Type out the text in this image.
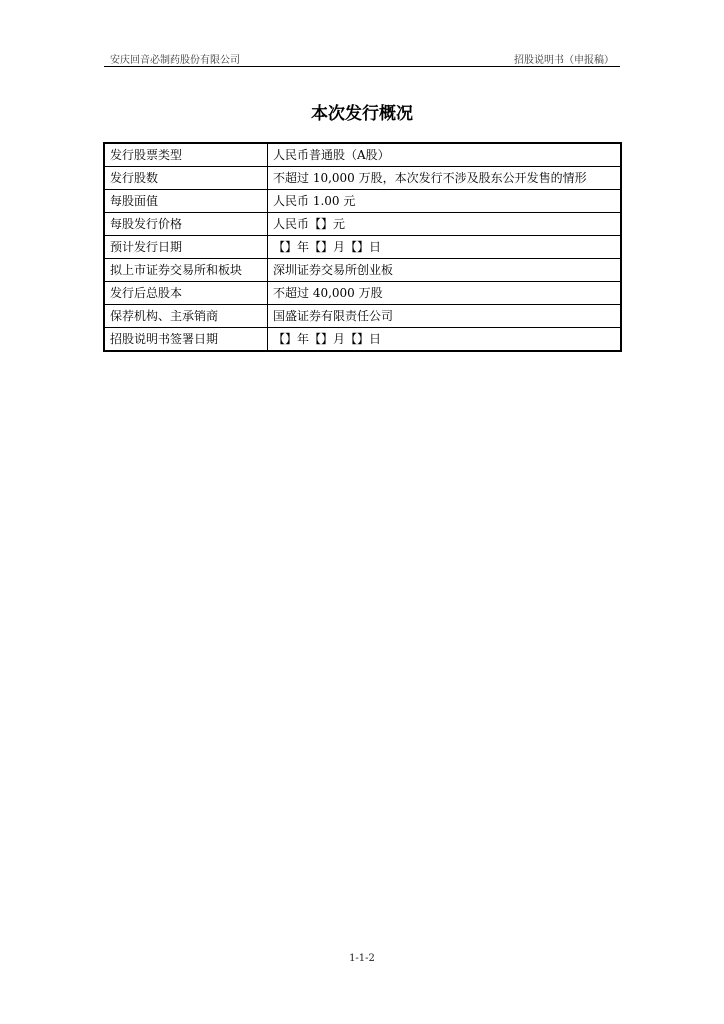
安庆回音必制药股份有限公司	招股说明书（申报稿）
本次发行概况
发行股票类型	人民币普通股（A股）
发行股数	不超过 10,000 万股，本次发行不涉及股东公开发售的情形
每股面值	人民币 1.00 元
每股发行价格	人民币【】元
预计发行日期	【】年【】月【】日
拟上市证券交易所和板块	深圳证券交易所创业板
发行后总股本	不超过 40,000 万股
保荐机构、主承销商	国盛证券有限责任公司
招股说明书签署日期	【】年【】月【】日
1-1-2
